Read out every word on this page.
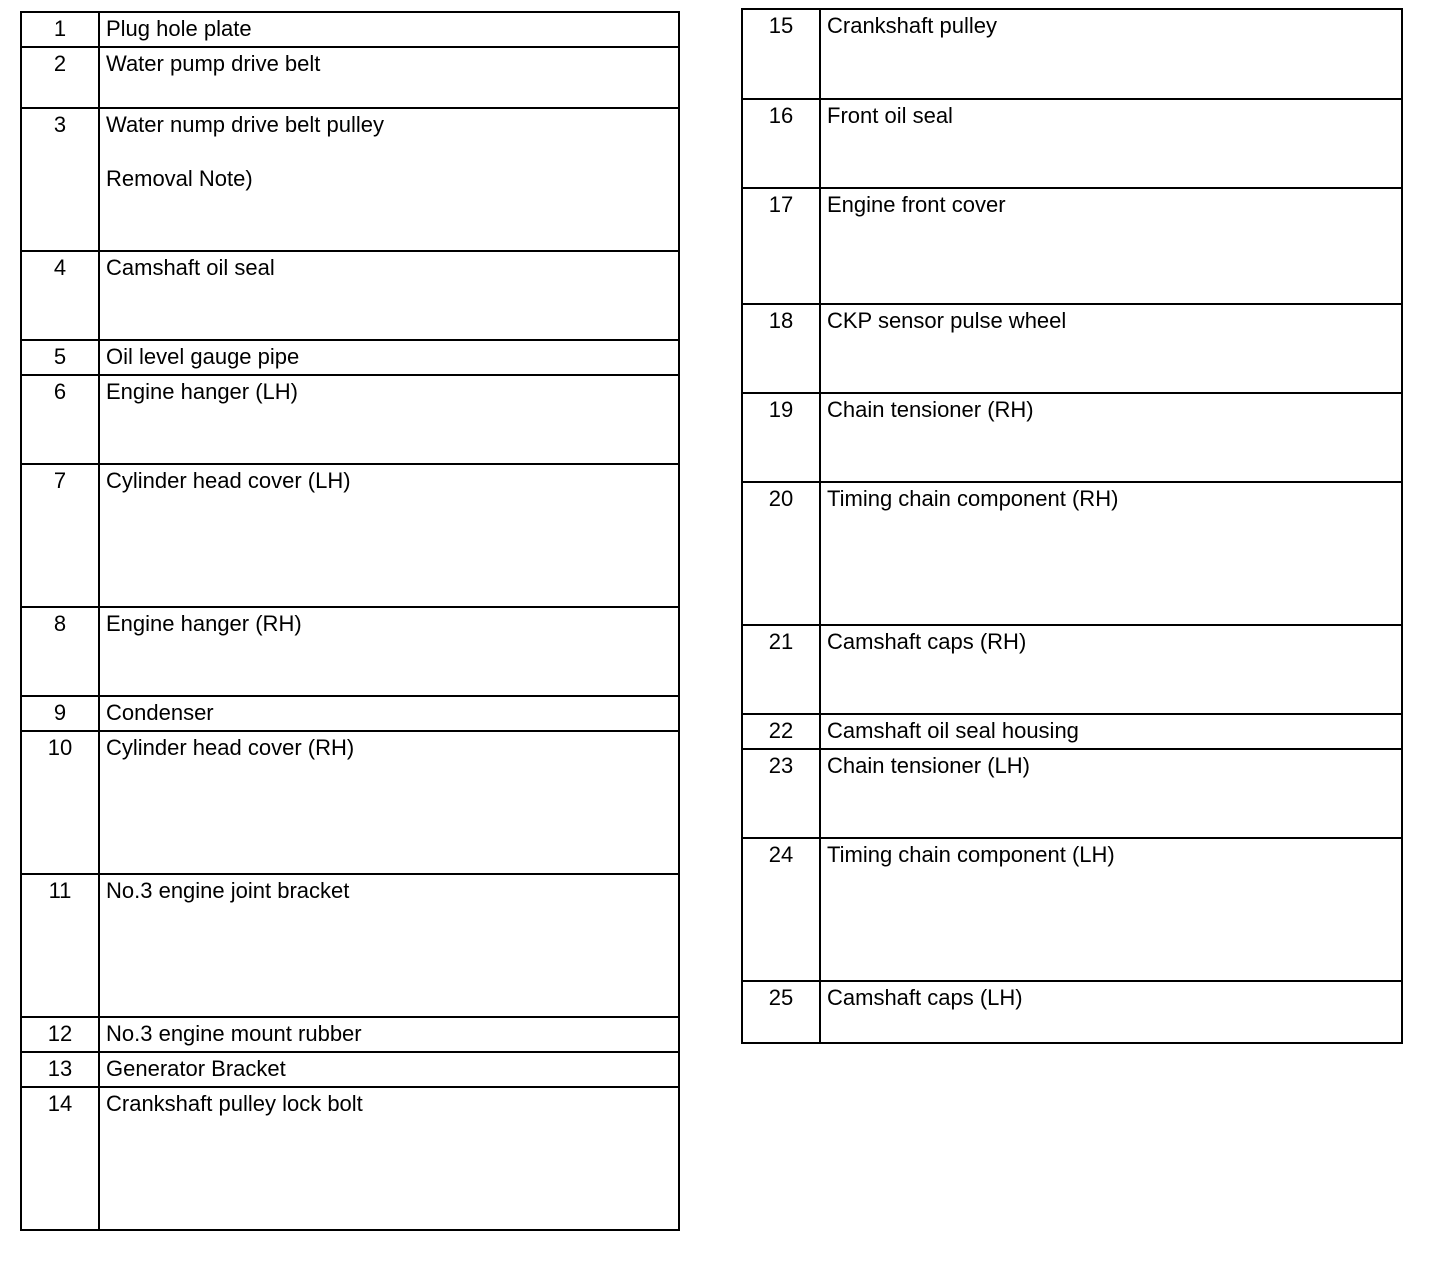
1	Plug hole plate
2	Water pump drive belt
3	Water nump drive belt pulley
Removal Note)

4	Camshaft oil seal
5	Oil level gauge pipe
6	Engine hanger (LH)
7	Cylinder head cover (LH)
8	Engine hanger (RH)
9	Condenser
10	Cylinder head cover (RH)
11	No.3 engine joint bracket
12	No.3 engine mount rubber
13	Generator Bracket
14	Crankshaft pulley lock bolt
15	Crankshaft pulley
16	Front oil seal
17	Engine front cover
18	CKP sensor pulse wheel
19	Chain tensioner (RH)
20	Timing chain component (RH)
21	Camshaft caps (RH)
22	Camshaft oil seal housing
23	Chain tensioner (LH)
24	Timing chain component (LH)
25	Camshaft caps (LH)
